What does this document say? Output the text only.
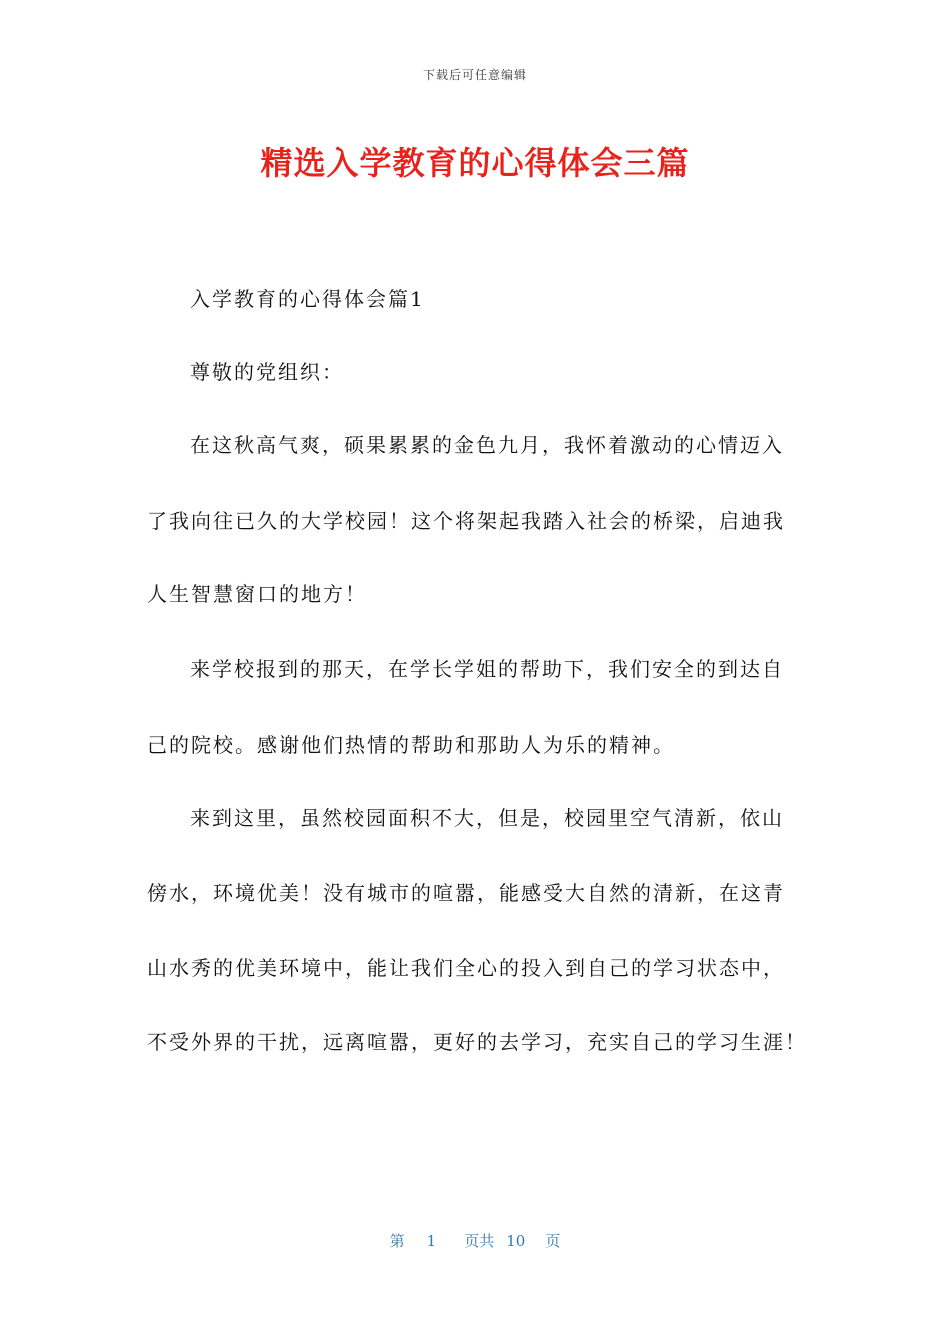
下载后可任意编辑
精选入学教育的心得体会三篇
入学教育的心得体会篇1
尊敬的党组织：
在这秋高气爽，硕果累累的金色九月，我怀着激动的心情迈入
了我向往已久的大学校园！这个将架起我踏入社会的桥梁，启迪我
人生智慧窗口的地方！
来学校报到的那天，在学长学姐的帮助下，我们安全的到达自
己的院校。感谢他们热情的帮助和那助人为乐的精神。
来到这里，虽然校园面积不大，但是，校园里空气清新，依山
傍水，环境优美！没有城市的喧嚣，能感受大自然的清新，在这青
山水秀的优美环境中，能让我们全心的投入到自己的学习状态中，
不受外界的干扰，远离喧嚣，更好的去学习，充实自己的学习生涯！
第 1 页共 10 页
